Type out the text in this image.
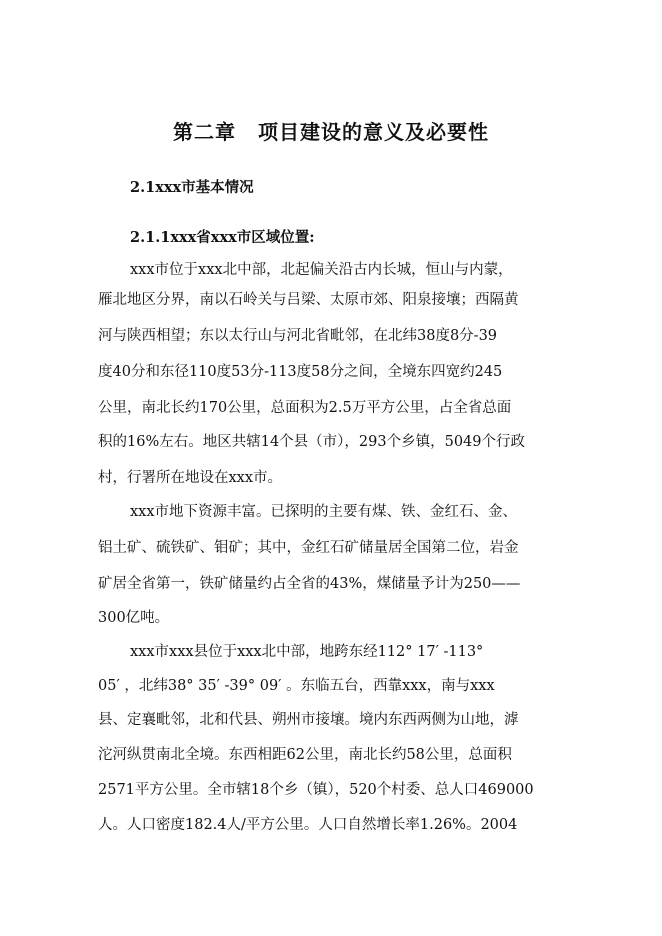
第二章 项目建设的意义及必要性
2.1xxx市基本情况
2.1.1xxx省xxx市区域位置:
xxx市位于xxx北中部，北起偏关沿古内长城，恒山与内蒙，
雁北地区分界，南以石岭关与吕梁、太原市郊、阳泉接壤；西隔黄
河与陕西相望；东以太行山与河北省毗邻，在北纬38度8分-39
度40分和东径110度53分-113度58分之间，全境东四宽约245
公里，南北长约170公里，总面积为2.5万平方公里，占全省总面
积的16%左右。地区共辖14个县（市），293个乡镇，5049个行政
村，行署所在地设在xxx市。
xxx市地下资源丰富。已探明的主要有煤、铁、金红石、金、
铝土矿、硫铁矿、钼矿；其中，金红石矿储量居全国第二位，岩金
矿居全省第一，铁矿储量约占全省的43%，煤储量予计为250——
300亿吨。
xxx市xxx县位于xxx北中部，地跨东经112° 17′ -113°
05′ ，北纬38° 35′ -39° 09′ 。东临五台，西靠xxx，南与xxx
县、定襄毗邻，北和代县、朔州市接壤。境内东西两侧为山地，滹
沱河纵贯南北全境。东西相距62公里，南北长约58公里，总面积
2571平方公里。全市辖18个乡（镇），520个村委、总人口469000
人。人口密度182.4人/平方公里。人口自然增长率1.26%。2004
